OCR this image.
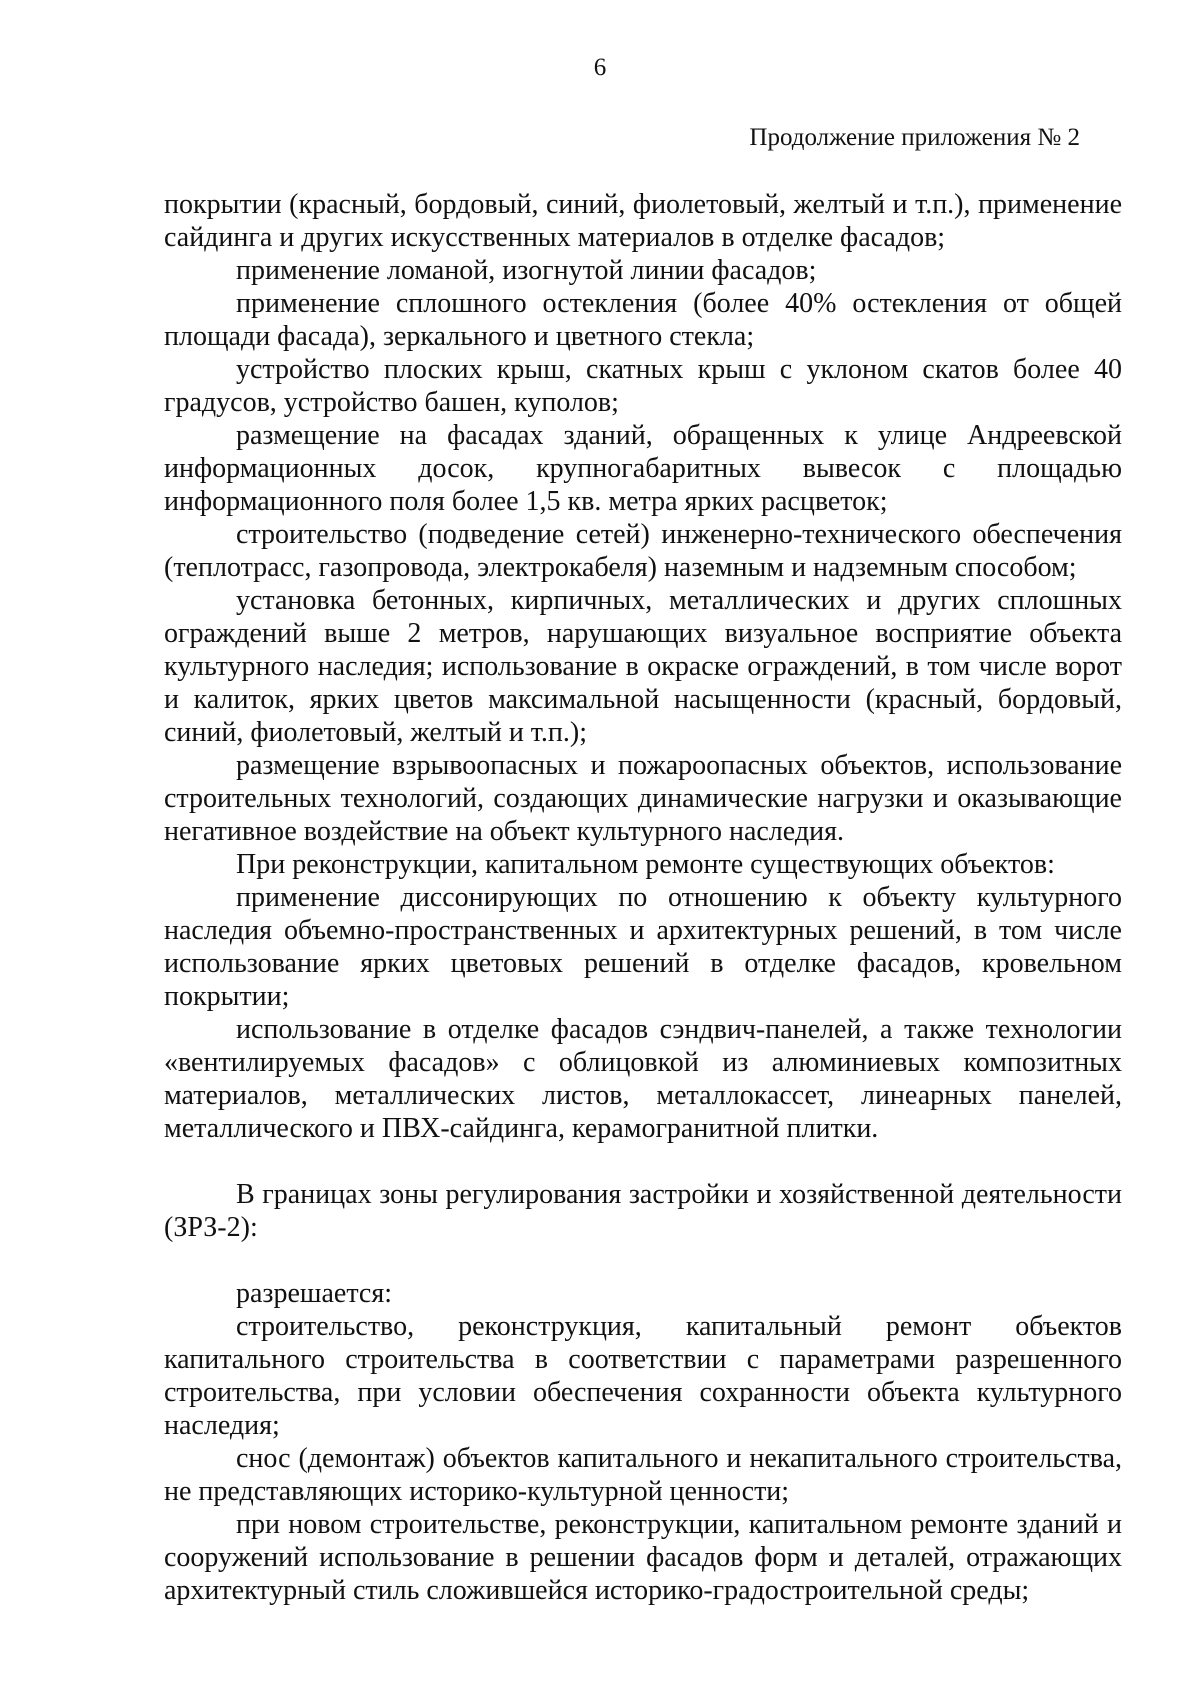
6

Продолжение приложения № 2

покрытии (красный, бордовый, синий, фиолетовый, желтый и т.п.), применение сайдинга и других искусственных материалов в отделке фасадов;

применение ломаной, изогнутой линии фасадов;

применение сплошного остекления (более 40% остекления от общей площади фасада), зеркального и цветного стекла;

устройство плоских крыш, скатных крыш с уклоном скатов более 40 градусов, устройство башен, куполов;

размещение на фасадах зданий, обращенных к улице Андреевской информационных досок, крупногабаритных вывесок с площадью информационного поля более 1,5 кв. метра ярких расцветок;

строительство (подведение сетей) инженерно-технического обеспечения (теплотрасс, газопровода, электрокабеля) наземным и надземным способом;

установка бетонных, кирпичных, металлических и других сплошных ограждений выше 2 метров, нарушающих визуальное восприятие объекта культурного наследия; использование в окраске ограждений, в том числе ворот и калиток, ярких цветов максимальной насыщенности (красный, бордовый, синий, фиолетовый, желтый и т.п.);

размещение взрывоопасных и пожароопасных объектов, использование строительных технологий, создающих динамические нагрузки и оказывающие негативное воздействие на объект культурного наследия.

При реконструкции, капитальном ремонте существующих объектов:

применение диссонирующих по отношению к объекту культурного наследия объемно-пространственных и архитектурных решений, в том числе использование ярких цветовых решений в отделке фасадов, кровельном покрытии;

использование в отделке фасадов сэндвич-панелей, а также технологии «вентилируемых фасадов» с облицовкой из алюминиевых композитных материалов, металлических листов, металлокассет, линеарных панелей, металлического и ПВХ-сайдинга, керамогранитной плитки.

В границах зоны регулирования застройки и хозяйственной деятельности (ЗРЗ-2):

разрешается:

строительство, реконструкция, капитальный ремонт объектов капитального строительства в соответствии с параметрами разрешенного строительства, при условии обеспечения сохранности объекта культурного наследия;

снос (демонтаж) объектов капитального и некапитального строительства, не представляющих историко-культурной ценности;

при новом строительстве, реконструкции, капитальном ремонте зданий и сооружений использование в решении фасадов форм и деталей, отражающих архитектурный стиль сложившейся историко-градостроительной среды;
